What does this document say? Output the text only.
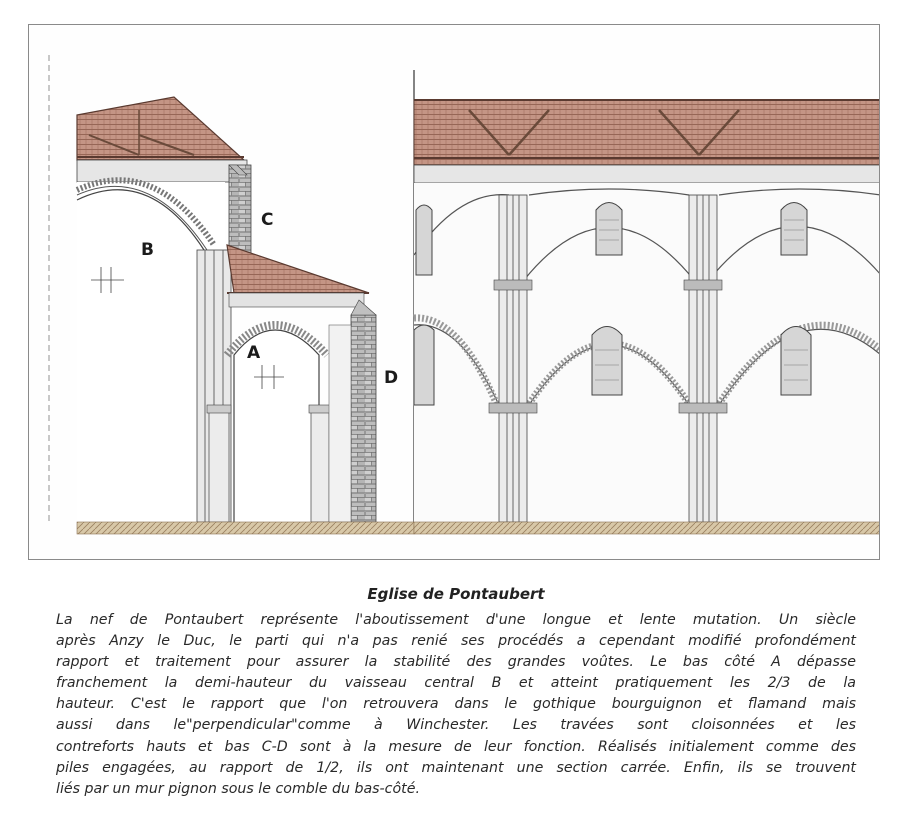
B
C
A
D
Eglise de Pontaubert
La nef de Pontaubert représente l'aboutissement d'une longue et lente mutation. Un siècle
après Anzy le Duc, le parti qui n'a pas renié ses procédés a cependant modifié profondément
rapport et traitement pour assurer la stabilité des grandes voûtes. Le bas côté A dépasse
franchement la demi-hauteur du vaisseau central B et atteint pratiquement les 2/3 de la
hauteur. C'est le rapport que l'on retrouvera dans le gothique bourguignon et flamand mais
aussi dans le"perpendicular"comme à Winchester. Les travées sont cloisonnées et les
contreforts hauts et bas C-D sont à la mesure de leur fonction. Réalisés initialement comme des
piles engagées, au rapport de 1/2, ils ont maintenant une section carrée. Enfin, ils se trouvent
liés par un mur pignon sous le comble du bas-côté.
